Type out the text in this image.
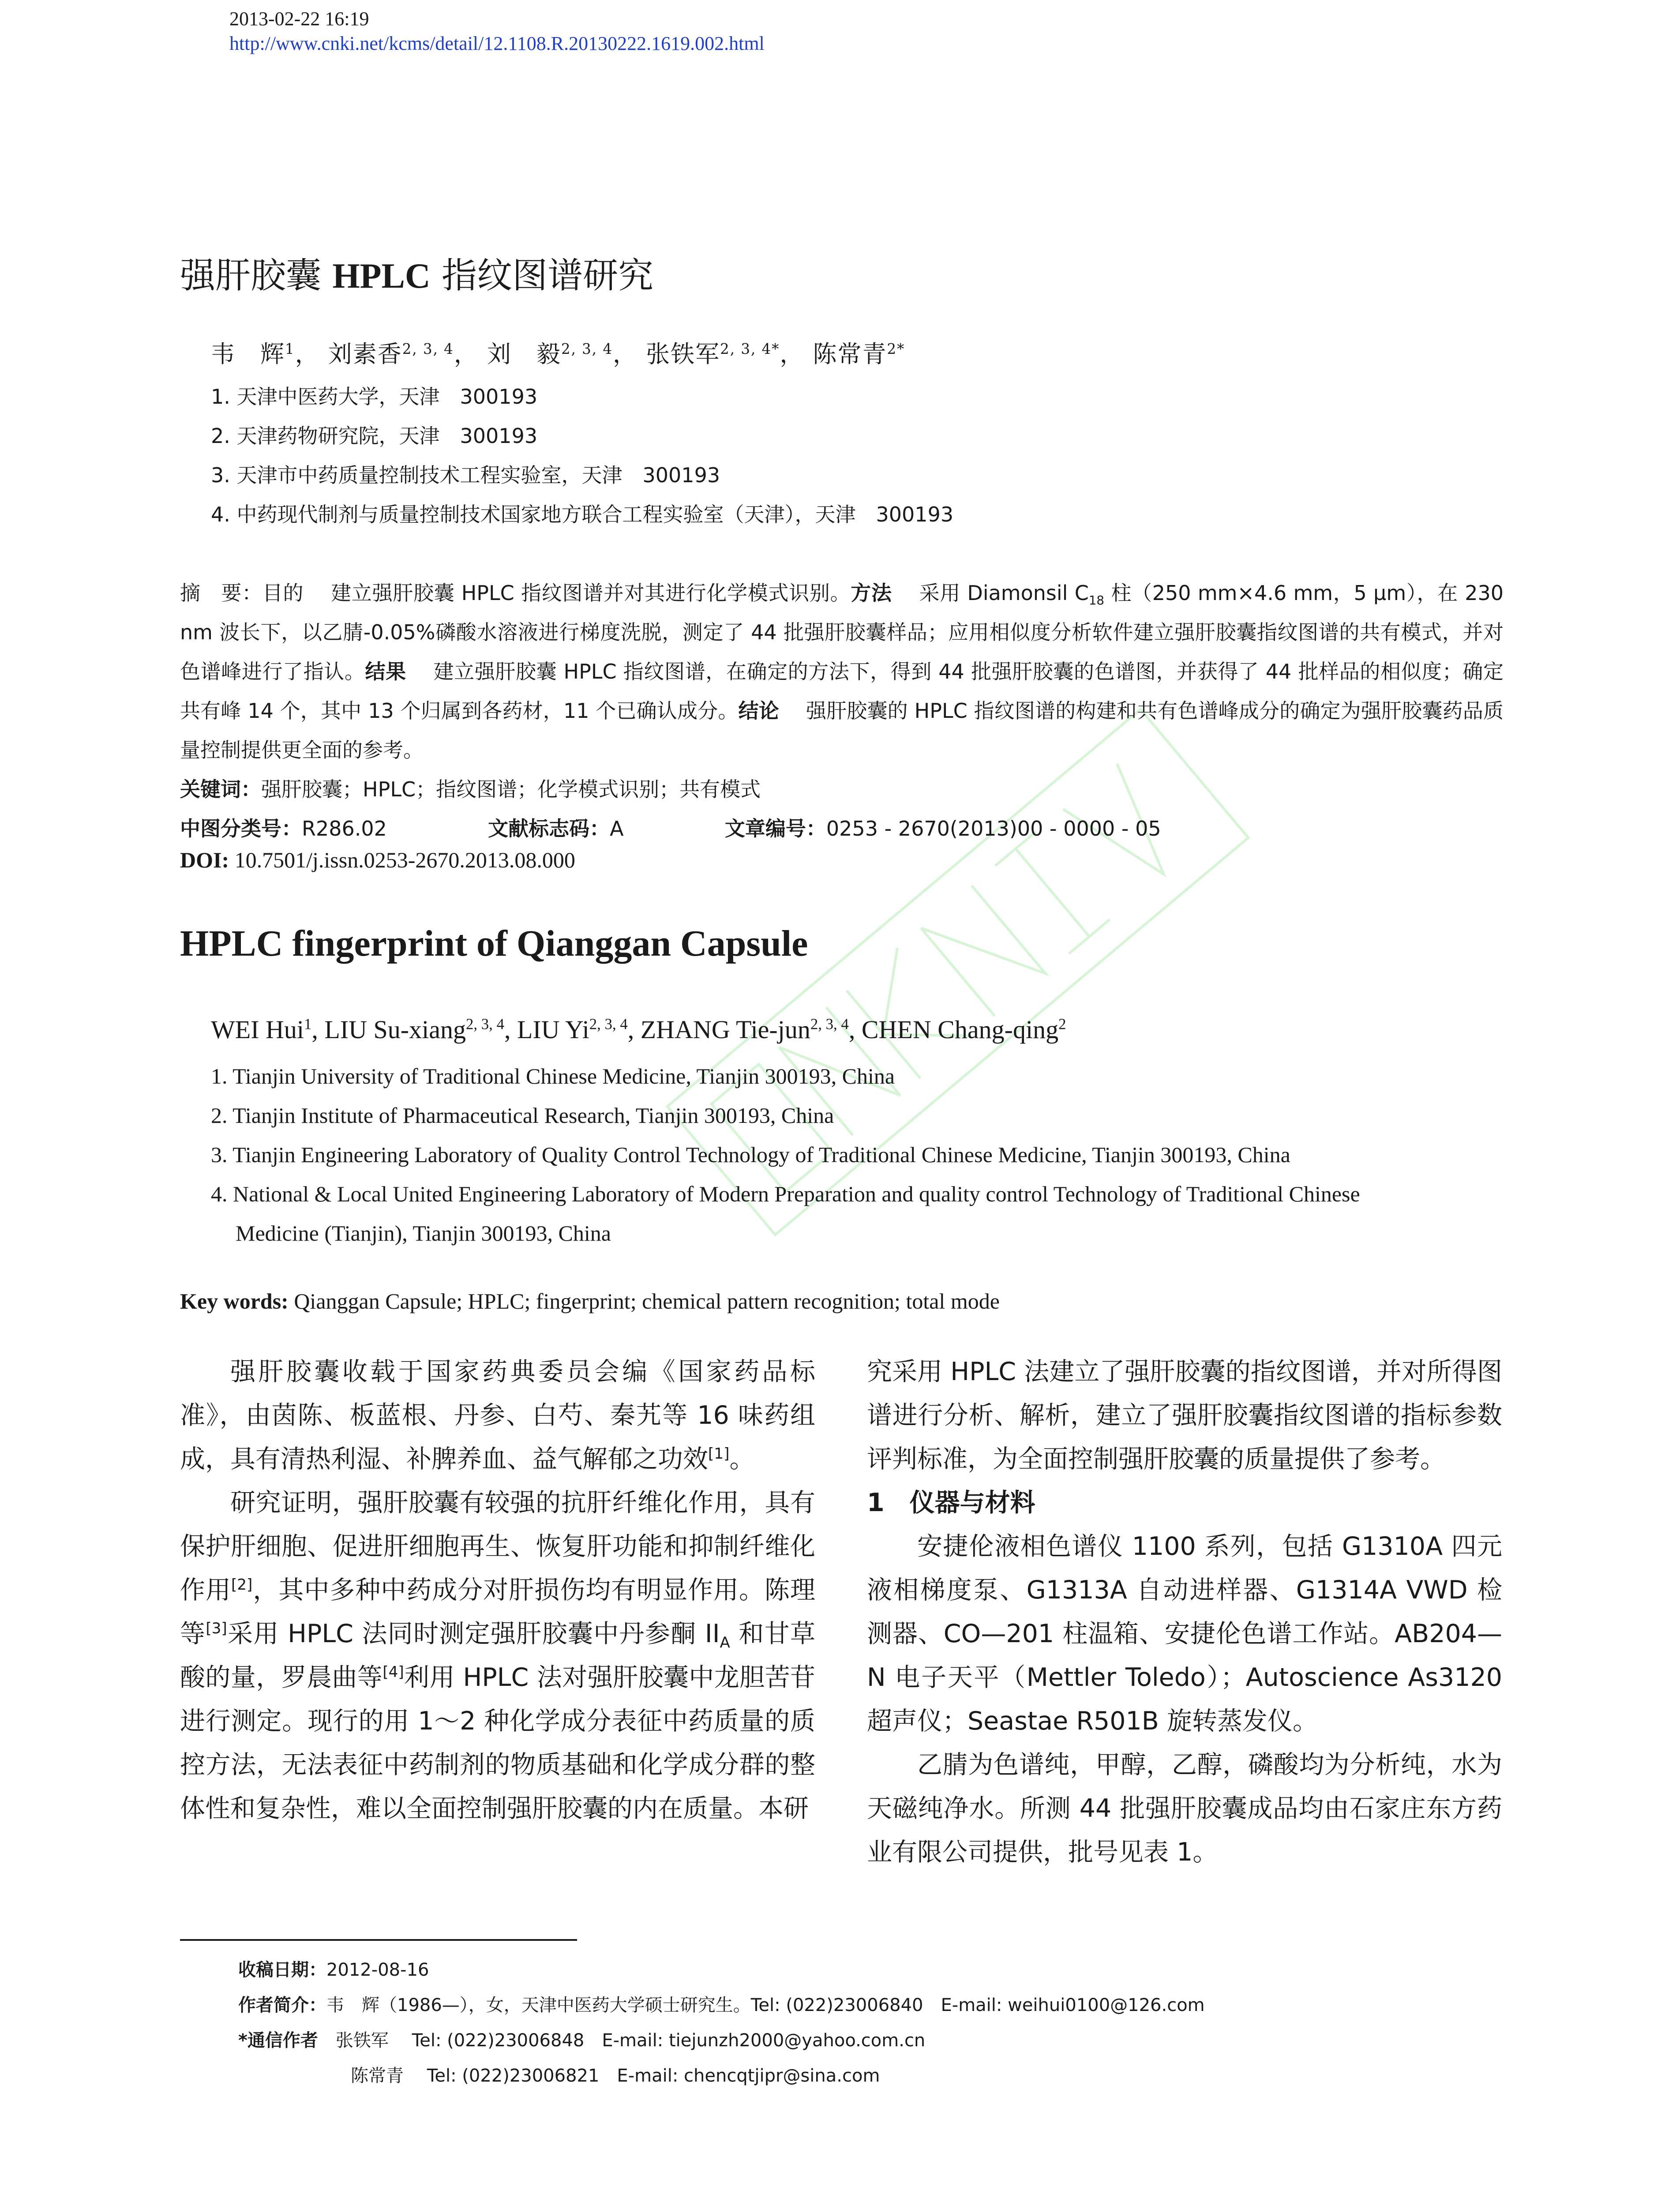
2013-02-22 16:19
http://www.cnki.net/kcms/detail/12.1108.R.20130222.1619.002.html
强肝胶囊 HPLC 指纹图谱研究
韦　辉$^1$， 刘素香$^{2, 3, 4}$， 刘　毅$^{2, 3, 4}$， 张铁军$^{2, 3, 4*}$， 陈常青$^{2*}$
1. 天津中医药大学，天津　300193
2. 天津药物研究院，天津　300193
3. 天津市中药质量控制技术工程实验室，天津　300193
4. 中药现代制剂与质量控制技术国家地方联合工程实验室（天津），天津　300193
摘　要：目的　 建立强肝胶囊 HPLC 指纹图谱并对其进行化学模式识别。方法　 采用 Diamonsil $C_{18}$ 柱（250 mm×4.6 mm，5 μm），在 230 nm 波长下，以乙腈-0.05%磷酸水溶液进行梯度洗脱，测定了 44 批强肝胶囊样品；应用相似度分析软件建立强肝胶囊指纹图谱的共有模式，并对色谱峰进行了指认。结果　 建立强肝胶囊 HPLC 指纹图谱，在确定的方法下，得到 44 批强肝胶囊的色谱图，并获得了 44 批样品的相似度；确定共有峰 14 个，其中 13 个归属到各药材，11 个已确认成分。结论　 强肝胶囊的 HPLC 指纹图谱的构建和共有色谱峰成分的确定为强肝胶囊药品质量控制提供更全面的参考。
关键词：强肝胶囊；HPLC；指纹图谱；化学模式识别；共有模式
中图分类号：R286.02	文献标志码：A	文章编号：0253 - 2670(2013)00 - 0000 - 05
DOI: 10.7501/j.issn.0253-2670.2013.08.000
HPLC fingerprint of Qianggan Capsule
WEI Hui$^1$, LIU Su-xiang$^{2, 3, 4}$, LIU Yi$^{2, 3, 4}$, ZHANG Tie-jun$^{2, 3, 4}$, CHEN Chang-qing$^2$
1. Tianjin University of Traditional Chinese Medicine, Tianjin 300193, China
2. Tianjin Institute of Pharmaceutical Research, Tianjin 300193, China
3. Tianjin Engineering Laboratory of Quality Control Technology of Traditional Chinese Medicine, Tianjin 300193, China
4. National & Local United Engineering Laboratory of Modern Preparation and quality control Technology of Traditional Chinese
Medicine (Tianjin), Tianjin 300193, China
Key words: Qianggan Capsule; HPLC; fingerprint; chemical pattern recognition; total mode

强肝胶囊收载于国家药典委员会编《国家药品标准》，由茵陈、板蓝根、丹参、白芍、秦艽等 16 味药组成，具有清热利湿、补脾养血、益气解郁之功效[1]。

研究证明，强肝胶囊有较强的抗肝纤维化作用，具有保护肝细胞、促进肝细胞再生、恢复肝功能和抑制纤维化作用[2]，其中多种中药成分对肝损伤均有明显作用。陈理等[3]采用 HPLC 法同时测定强肝胶囊中丹参酮 $II_A$ 和甘草酸的量，罗晨曲等[4]利用 HPLC 法对强肝胶囊中龙胆苦苷进行测定。现行的用 1～2 种化学成分表征中药质量的质控方法，无法表征中药制剂的物质基础和化学成分群的整体性和复杂性，难以全面控制强肝胶囊的内在质量。本研

究采用 HPLC 法建立了强肝胶囊的指纹图谱，并对所得图谱进行分析、解析，建立了强肝胶囊指纹图谱的指标参数评判标准，为全面控制强肝胶囊的质量提供了参考。

1　仪器与材料

安捷伦液相色谱仪 1100 系列，包括 G1310A 四元液相梯度泵、G1313A 自动进样器、G1314A VWD 检测器、CO—201 柱温箱、安捷伦色谱工作站。AB204—N 电子天平（Mettler Toledo）；Autoscience As3120 超声仪；Seastae R501B 旋转蒸发仪。

乙腈为色谱纯，甲醇，乙醇，磷酸均为分析纯，水为天磁纯净水。所测 44 批强肝胶囊成品均由石家庄东方药业有限公司提供，批号见表 1。

收稿日期：2012-08-16
作者简介：韦　辉（1986—），女，天津中医药大学硕士研究生。Tel: (022)23006840　E-mail: weihui0100@126.com
*通信作者　 张铁军　 Tel: (022)23006848　E-mail: tiejunzh2000@yahoo.com.cn
陈常青　 Tel: (022)23006821　E-mail: chencqtjipr@sina.com
